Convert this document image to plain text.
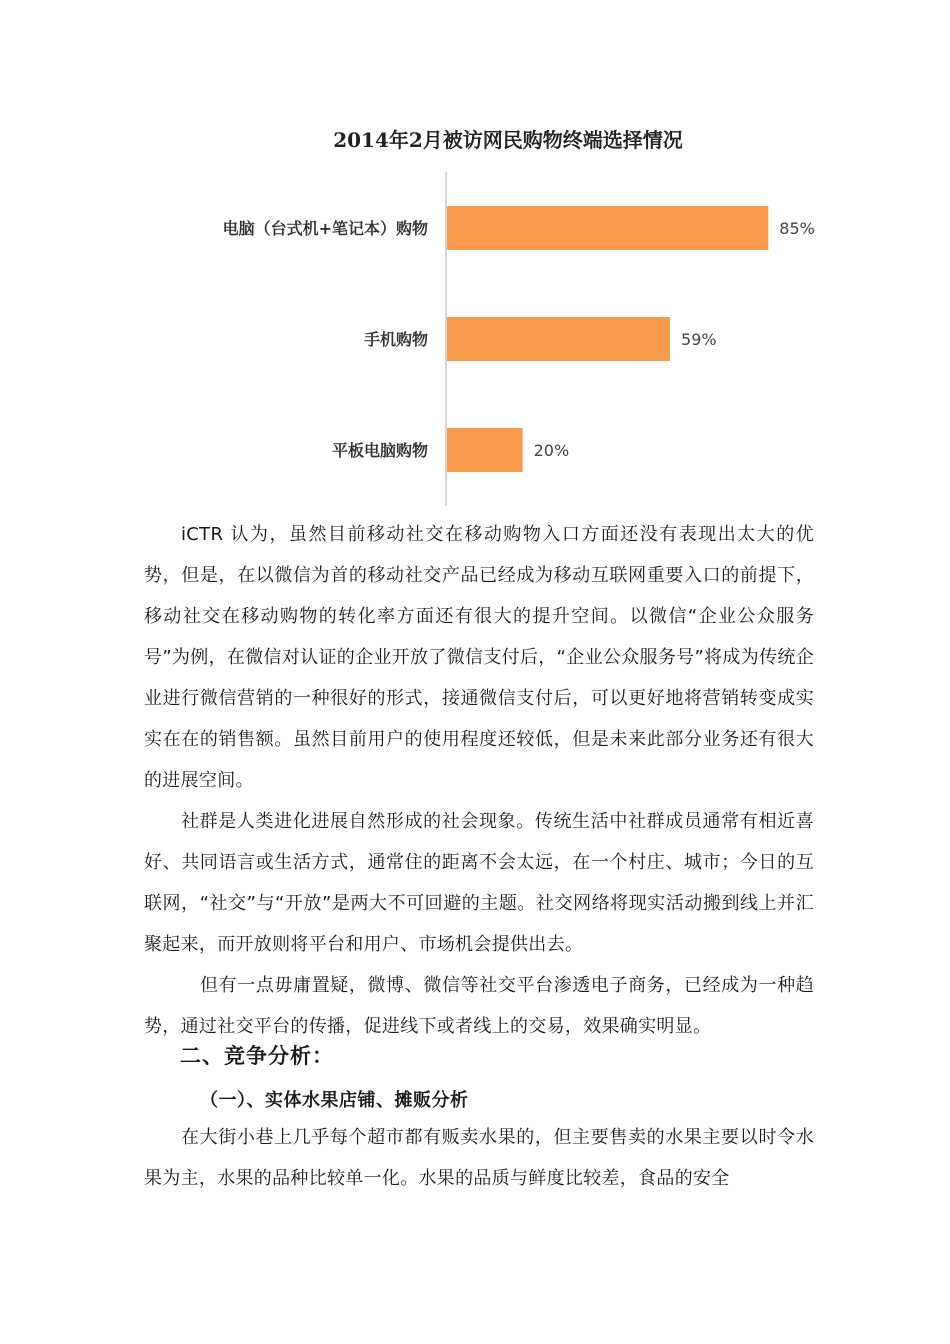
2014年2月被访网民购物终端选择情况
电脑（台式机+笔记本）购物	85%
手机购物	59%
平板电脑购物	20%

iCTR 认为，虽然目前移动社交在移动购物入口方面还没有表现出太大的优势，但是，在以微信为首的移动社交产品已经成为移动互联网重要入口的前提下，移动社交在移动购物的转化率方面还有很大的提升空间。以微信“企业公众服务号”为例，在微信对认证的企业开放了微信支付后，“企业公众服务号”将成为传统企业进行微信营销的一种很好的形式，接通微信支付后，可以更好地将营销转变成实实在在的销售额。虽然目前用户的使用程度还较低，但是未来此部分业务还有很大的进展空间。

社群是人类进化进展自然形成的社会现象。传统生活中社群成员通常有相近喜好、共同语言或生活方式，通常住的距离不会太远，在一个村庄、城市；今日的互联网，“社交”与“开放”是两大不可回避的主题。社交网络将现实活动搬到线上并汇聚起来，而开放则将平台和用户、市场机会提供出去。

但有一点毋庸置疑，微博、微信等社交平台渗透电子商务，已经成为一种趋势，通过社交平台的传播，促进线下或者线上的交易，效果确实明显。

二、竞争分析：
（一）、实体水果店铺、摊贩分析

在大街小巷上几乎每个超市都有贩卖水果的，但主要售卖的水果主要以时令水果为主，水果的品种比较单一化。水果的品质与鲜度比较差，食品的安全
